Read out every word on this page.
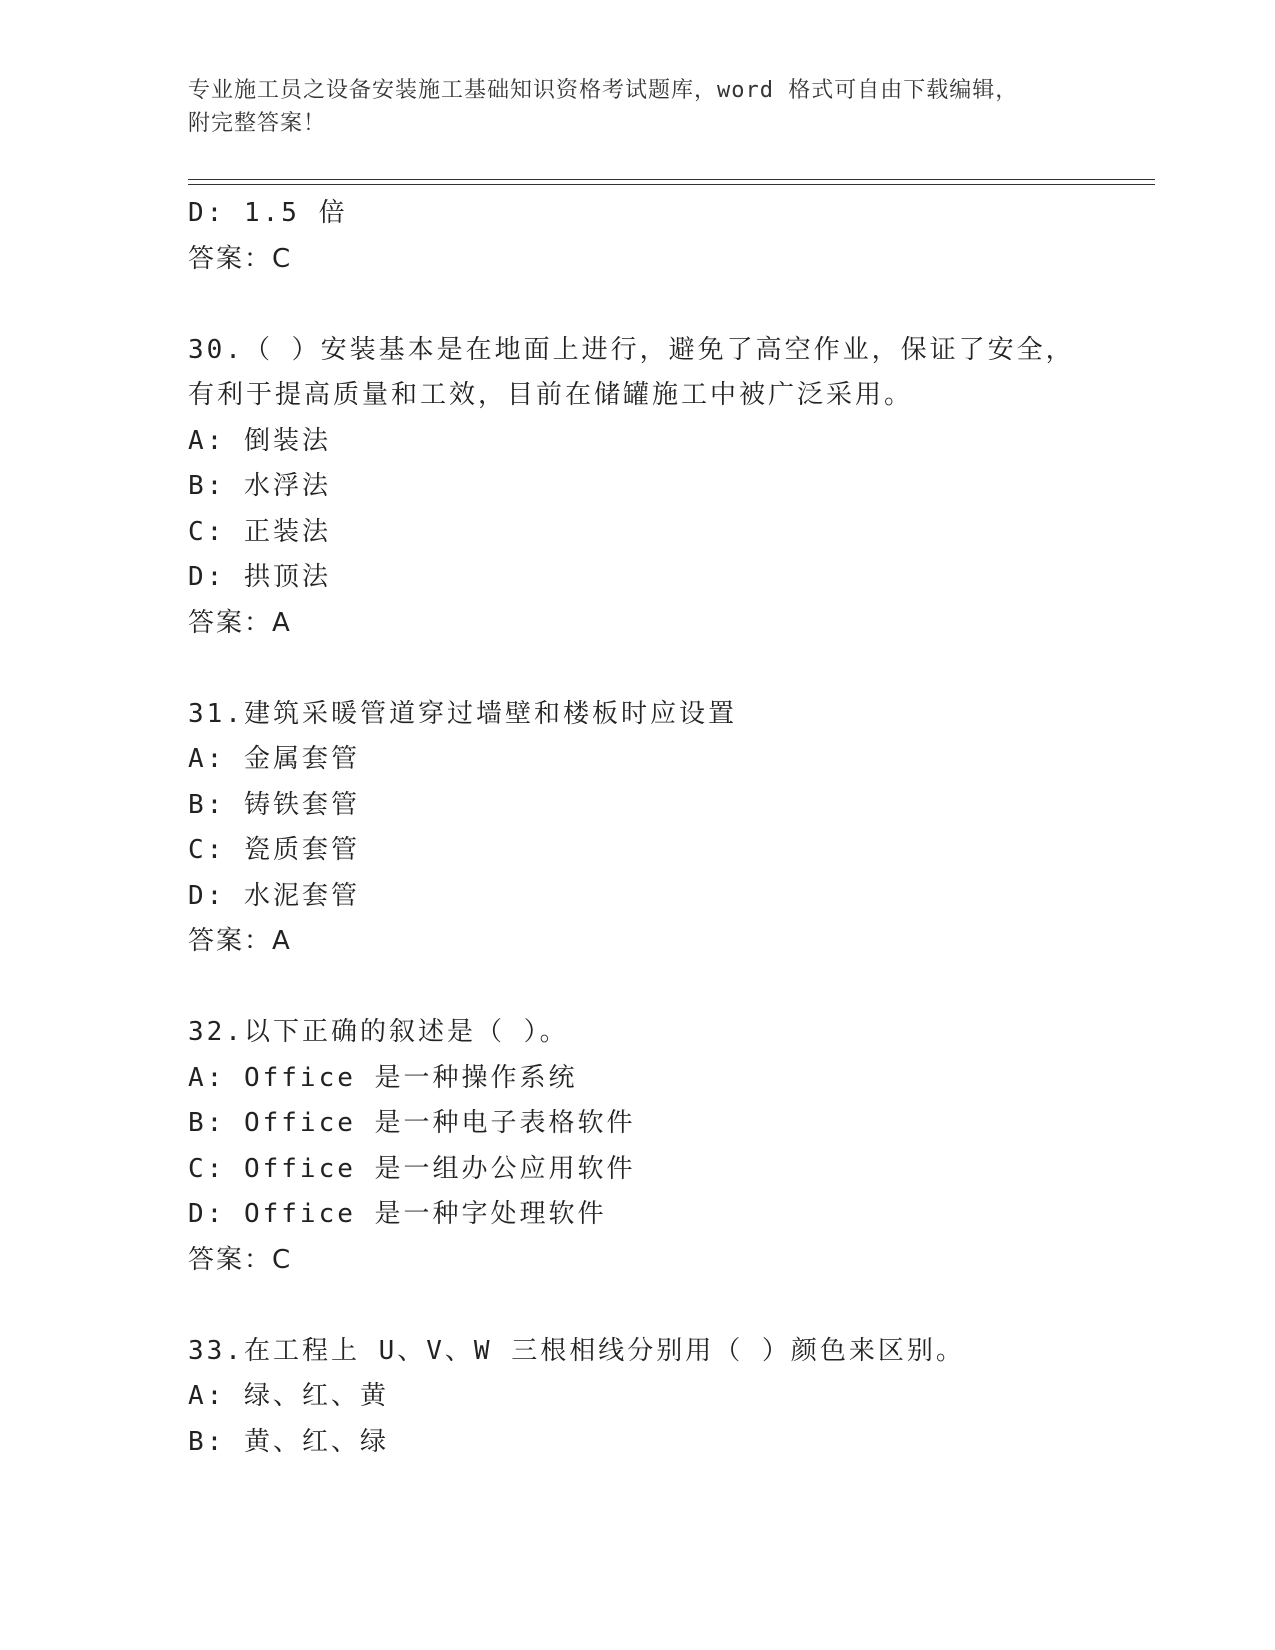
专业施工员之设备安装施工基础知识资格考试题库，word 格式可自由下载编辑，
附完整答案！
D: 1.5 倍
答案：C
30.（ ）安装基本是在地面上进行，避免了高空作业，保证了安全，
有利于提高质量和工效，目前在储罐施工中被广泛采用。
A: 倒装法
B: 水浮法
C: 正装法
D: 拱顶法
答案：A
31.建筑采暖管道穿过墙壁和楼板时应设置
A: 金属套管
B: 铸铁套管
C: 瓷质套管
D: 水泥套管
答案：A
32.以下正确的叙述是（ ）。
A: Office 是一种操作系统
B: Office 是一种电子表格软件
C: Office 是一组办公应用软件
D: Office 是一种字处理软件
答案：C
33.在工程上 U、V、W 三根相线分别用（ ）颜色来区别。
A: 绿、红、黄
B: 黄、红、绿
